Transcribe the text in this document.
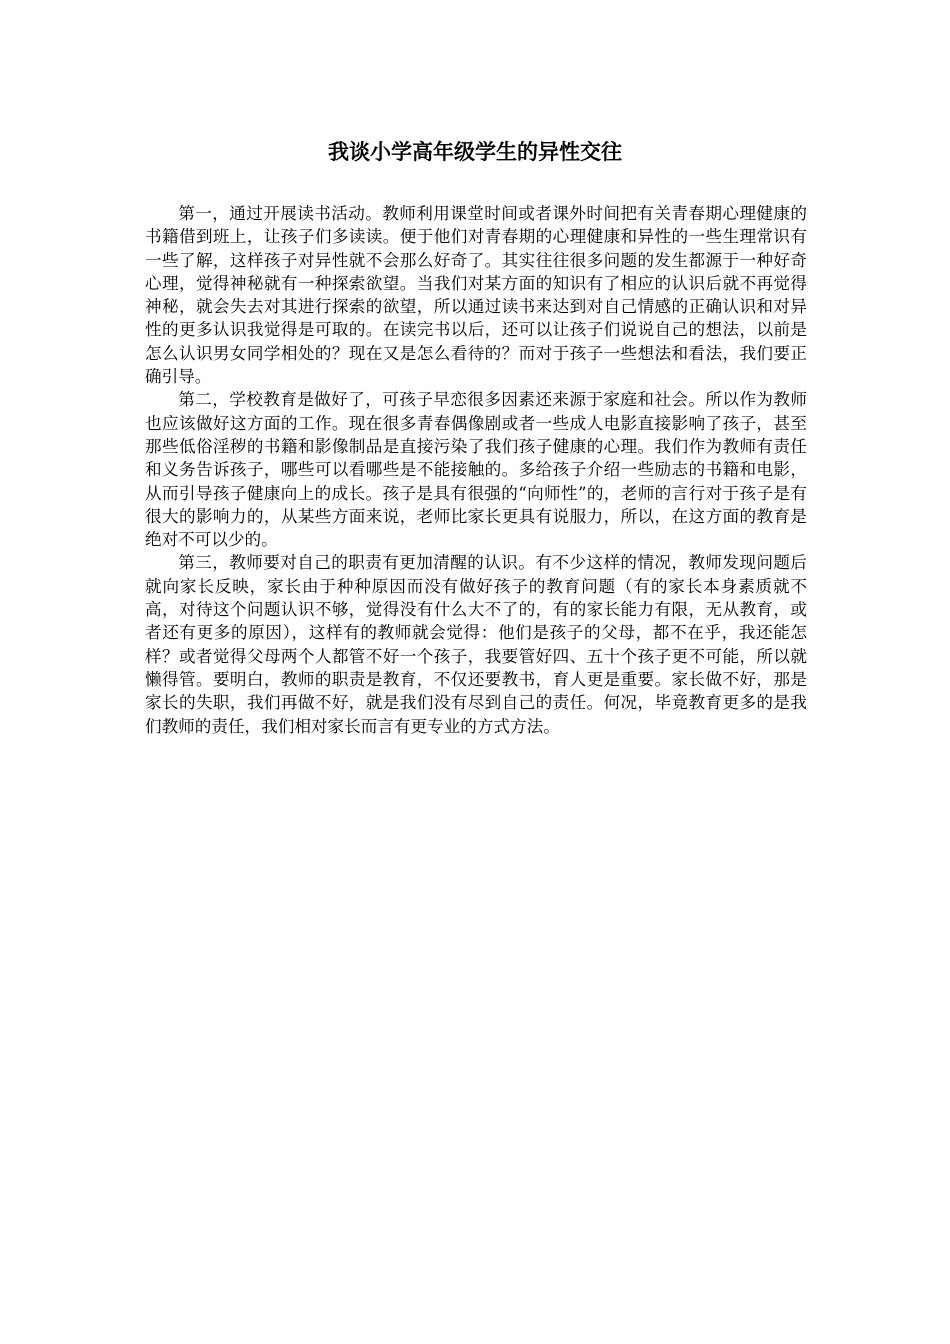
我谈小学高年级学生的异性交往

第一，通过开展读书活动。教师利用课堂时间或者课外时间把有关青春期心理健康的书籍借到班上，让孩子们多读读。便于他们对青春期的心理健康和异性的一些生理常识有一些了解，这样孩子对异性就不会那么好奇了。其实往往很多问题的发生都源于一种好奇心理，觉得神秘就有一种探索欲望。当我们对某方面的知识有了相应的认识后就不再觉得神秘，就会失去对其进行探索的欲望，所以通过读书来达到对自己情感的正确认识和对异性的更多认识我觉得是可取的。在读完书以后，还可以让孩子们说说自己的想法，以前是怎么认识男女同学相处的？现在又是怎么看待的？而对于孩子一些想法和看法，我们要正确引导。

第二，学校教育是做好了，可孩子早恋很多因素还来源于家庭和社会。所以作为教师也应该做好这方面的工作。现在很多青春偶像剧或者一些成人电影直接影响了孩子，甚至那些低俗淫秽的书籍和影像制品是直接污染了我们孩子健康的心理。我们作为教师有责任和义务告诉孩子，哪些可以看哪些是不能接触的。多给孩子介绍一些励志的书籍和电影，从而引导孩子健康向上的成长。孩子是具有很强的“向师性”的，老师的言行对于孩子是有很大的影响力的，从某些方面来说，老师比家长更具有说服力，所以，在这方面的教育是绝对不可以少的。

第三，教师要对自己的职责有更加清醒的认识。有不少这样的情况，教师发现问题后就向家长反映，家长由于种种原因而没有做好孩子的教育问题（有的家长本身素质就不高，对待这个问题认识不够，觉得没有什么大不了的，有的家长能力有限，无从教育，或者还有更多的原因），这样有的教师就会觉得：他们是孩子的父母，都不在乎，我还能怎样？或者觉得父母两个人都管不好一个孩子，我要管好四、五十个孩子更不可能，所以就懒得管。要明白，教师的职责是教育，不仅还要教书，育人更是重要。家长做不好，那是家长的失职，我们再做不好，就是我们没有尽到自己的责任。何况，毕竟教育更多的是我们教师的责任，我们相对家长而言有更专业的方式方法。
